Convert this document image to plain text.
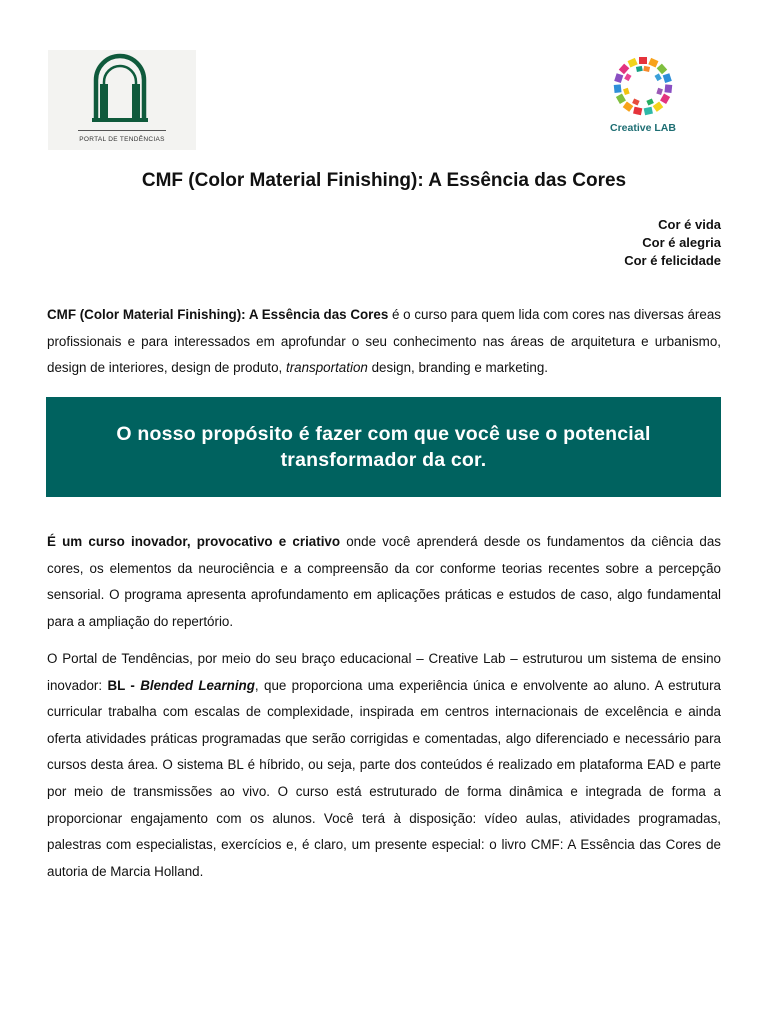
PORTAL DE TENDÊNCIAS
Creative LAB
CMF (Color Material Finishing): A Essência das Cores
Cor é vida
Cor é alegria
Cor é felicidade

CMF (Color Material Finishing): A Essência das Cores é o curso para quem lida com cores nas diversas áreas profissionais e para interessados em aprofundar o seu conhecimento nas áreas de arquitetura e urbanismo, design de interiores, design de produto, transportation design, branding e marketing.

O nosso propósito é fazer com que você use o potencial transformador da cor.

É um curso inovador, provocativo e criativo onde você aprenderá desde os fundamentos da ciência das cores, os elementos da neurociência e a compreensão da cor conforme teorias recentes sobre a percepção sensorial. O programa apresenta aprofundamento em aplicações práticas e estudos de caso, algo fundamental para a ampliação do repertório.

O Portal de Tendências, por meio do seu braço educacional – Creative Lab – estruturou um sistema de ensino inovador: BL - Blended Learning, que proporciona uma experiência única e envolvente ao aluno. A estrutura curricular trabalha com escalas de complexidade, inspirada em centros internacionais de excelência e ainda oferta atividades práticas programadas que serão corrigidas e comentadas, algo diferenciado e necessário para cursos desta área. O sistema BL é híbrido, ou seja, parte dos conteúdos é realizado em plataforma EAD e parte por meio de transmissões ao vivo. O curso está estruturado de forma dinâmica e integrada de forma a proporcionar engajamento com os alunos. Você terá à disposição: vídeo aulas, atividades programadas, palestras com especialistas, exercícios e, é claro, um presente especial: o livro CMF: A Essência das Cores de autoria de Marcia Holland.
